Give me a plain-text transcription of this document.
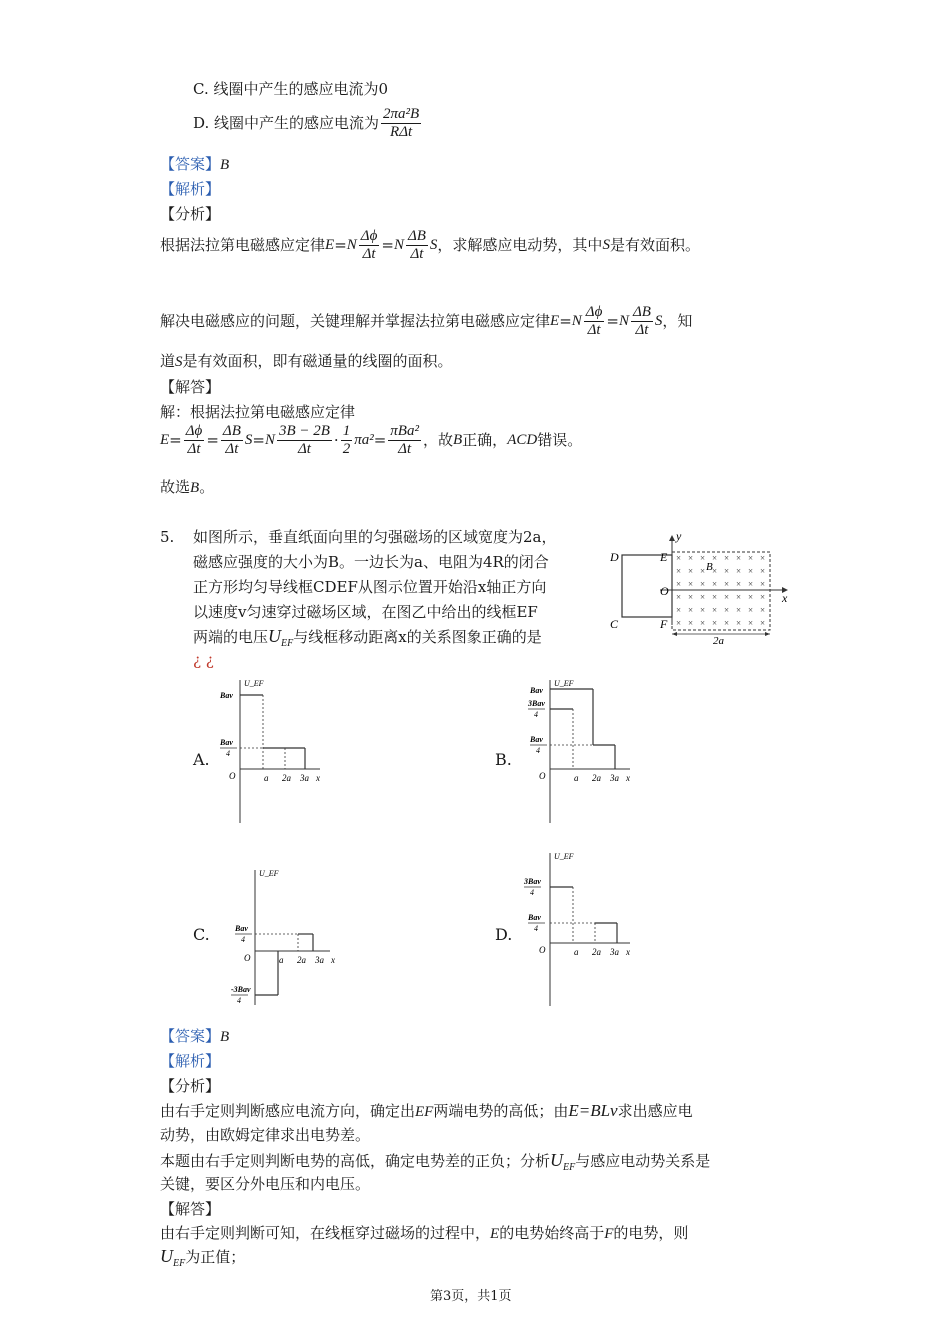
C. 线圈中产生的感应电流为0
D. 线圈中产生的感应电流为 $\frac{\text{2πa²B}}{\text{RΔt}}$
【答案】B
【解析】
【分析】
根据法拉第电磁感应定律$E=N \frac{\Delta\phi}{\Delta t} =N \frac{\Delta B}{\Delta t}$ S，求解感应电动势，其中S是有效面积。
解决电磁感应的问题，关键理解并掌握法拉第电磁感应定律$E=N \frac{\Delta\phi}{\Delta t} =N \frac{\Delta B}{\Delta t}$ S，知
道S是有效面积，即有磁通量的线圈的面积。
【解答】
解：根据法拉第电磁感应定律
$E= \frac{\Delta\phi}{\Delta t} = \frac{\Delta B}{\Delta t} S=N \frac{3B - 2B}{\Delta t} \cdot \frac{1}{2} \pi a^2= \frac{\text{πBa²}}{\Delta t}$ ，故B正确，ACD错误。
故选B。
5. 如图所示，垂直纸面向里的匀强磁场的区域宽度为2a，
磁感应强度的大小为B。一边长为a、电阻为4R的闭合
正方形均匀导线框CDEF从图示位置开始沿x轴正方向
以速度v匀速穿过磁场区域，在图乙中给出的线框EF
两端的电压$U_{EF}$与线框移动距离x的关系图象正确的是
¿ ¿
× × × × × × × ×
× × × × × × × ×
× × × × × × × ×
× × × × × × × ×
× × × × × × × ×
× × × × × × × ×
D	E
C	F
O	x
y
B
2a
A.	B.
C.	D.
U_EF
O	a 2a 3a x
Bav
Bav
4
U_EF
O	a 2a 3a x
Bav
3Bav
4
Bav
4
U_EF
O	a 2a 3a x
Bav
4
-3Bav
4
U_EF
O	a 2a 3a x
3Bav
4
Bav
4
【答案】B
【解析】
【分析】
由右手定则判断感应电流方向，确定出EF两端电势的高低；由E=BLv求出感应电
动势，由欧姆定律求出电势差。
本题由右手定则判断电势的高低，确定电势差的正负；分析$U_{EF}$与感应电动势关系是
关键，要区分外电压和内电压。
【解答】
由右手定则判断可知，在线框穿过磁场的过程中，E的电势始终高于F的电势，则
$U_{EF}$为正值；
第3页，共1页
